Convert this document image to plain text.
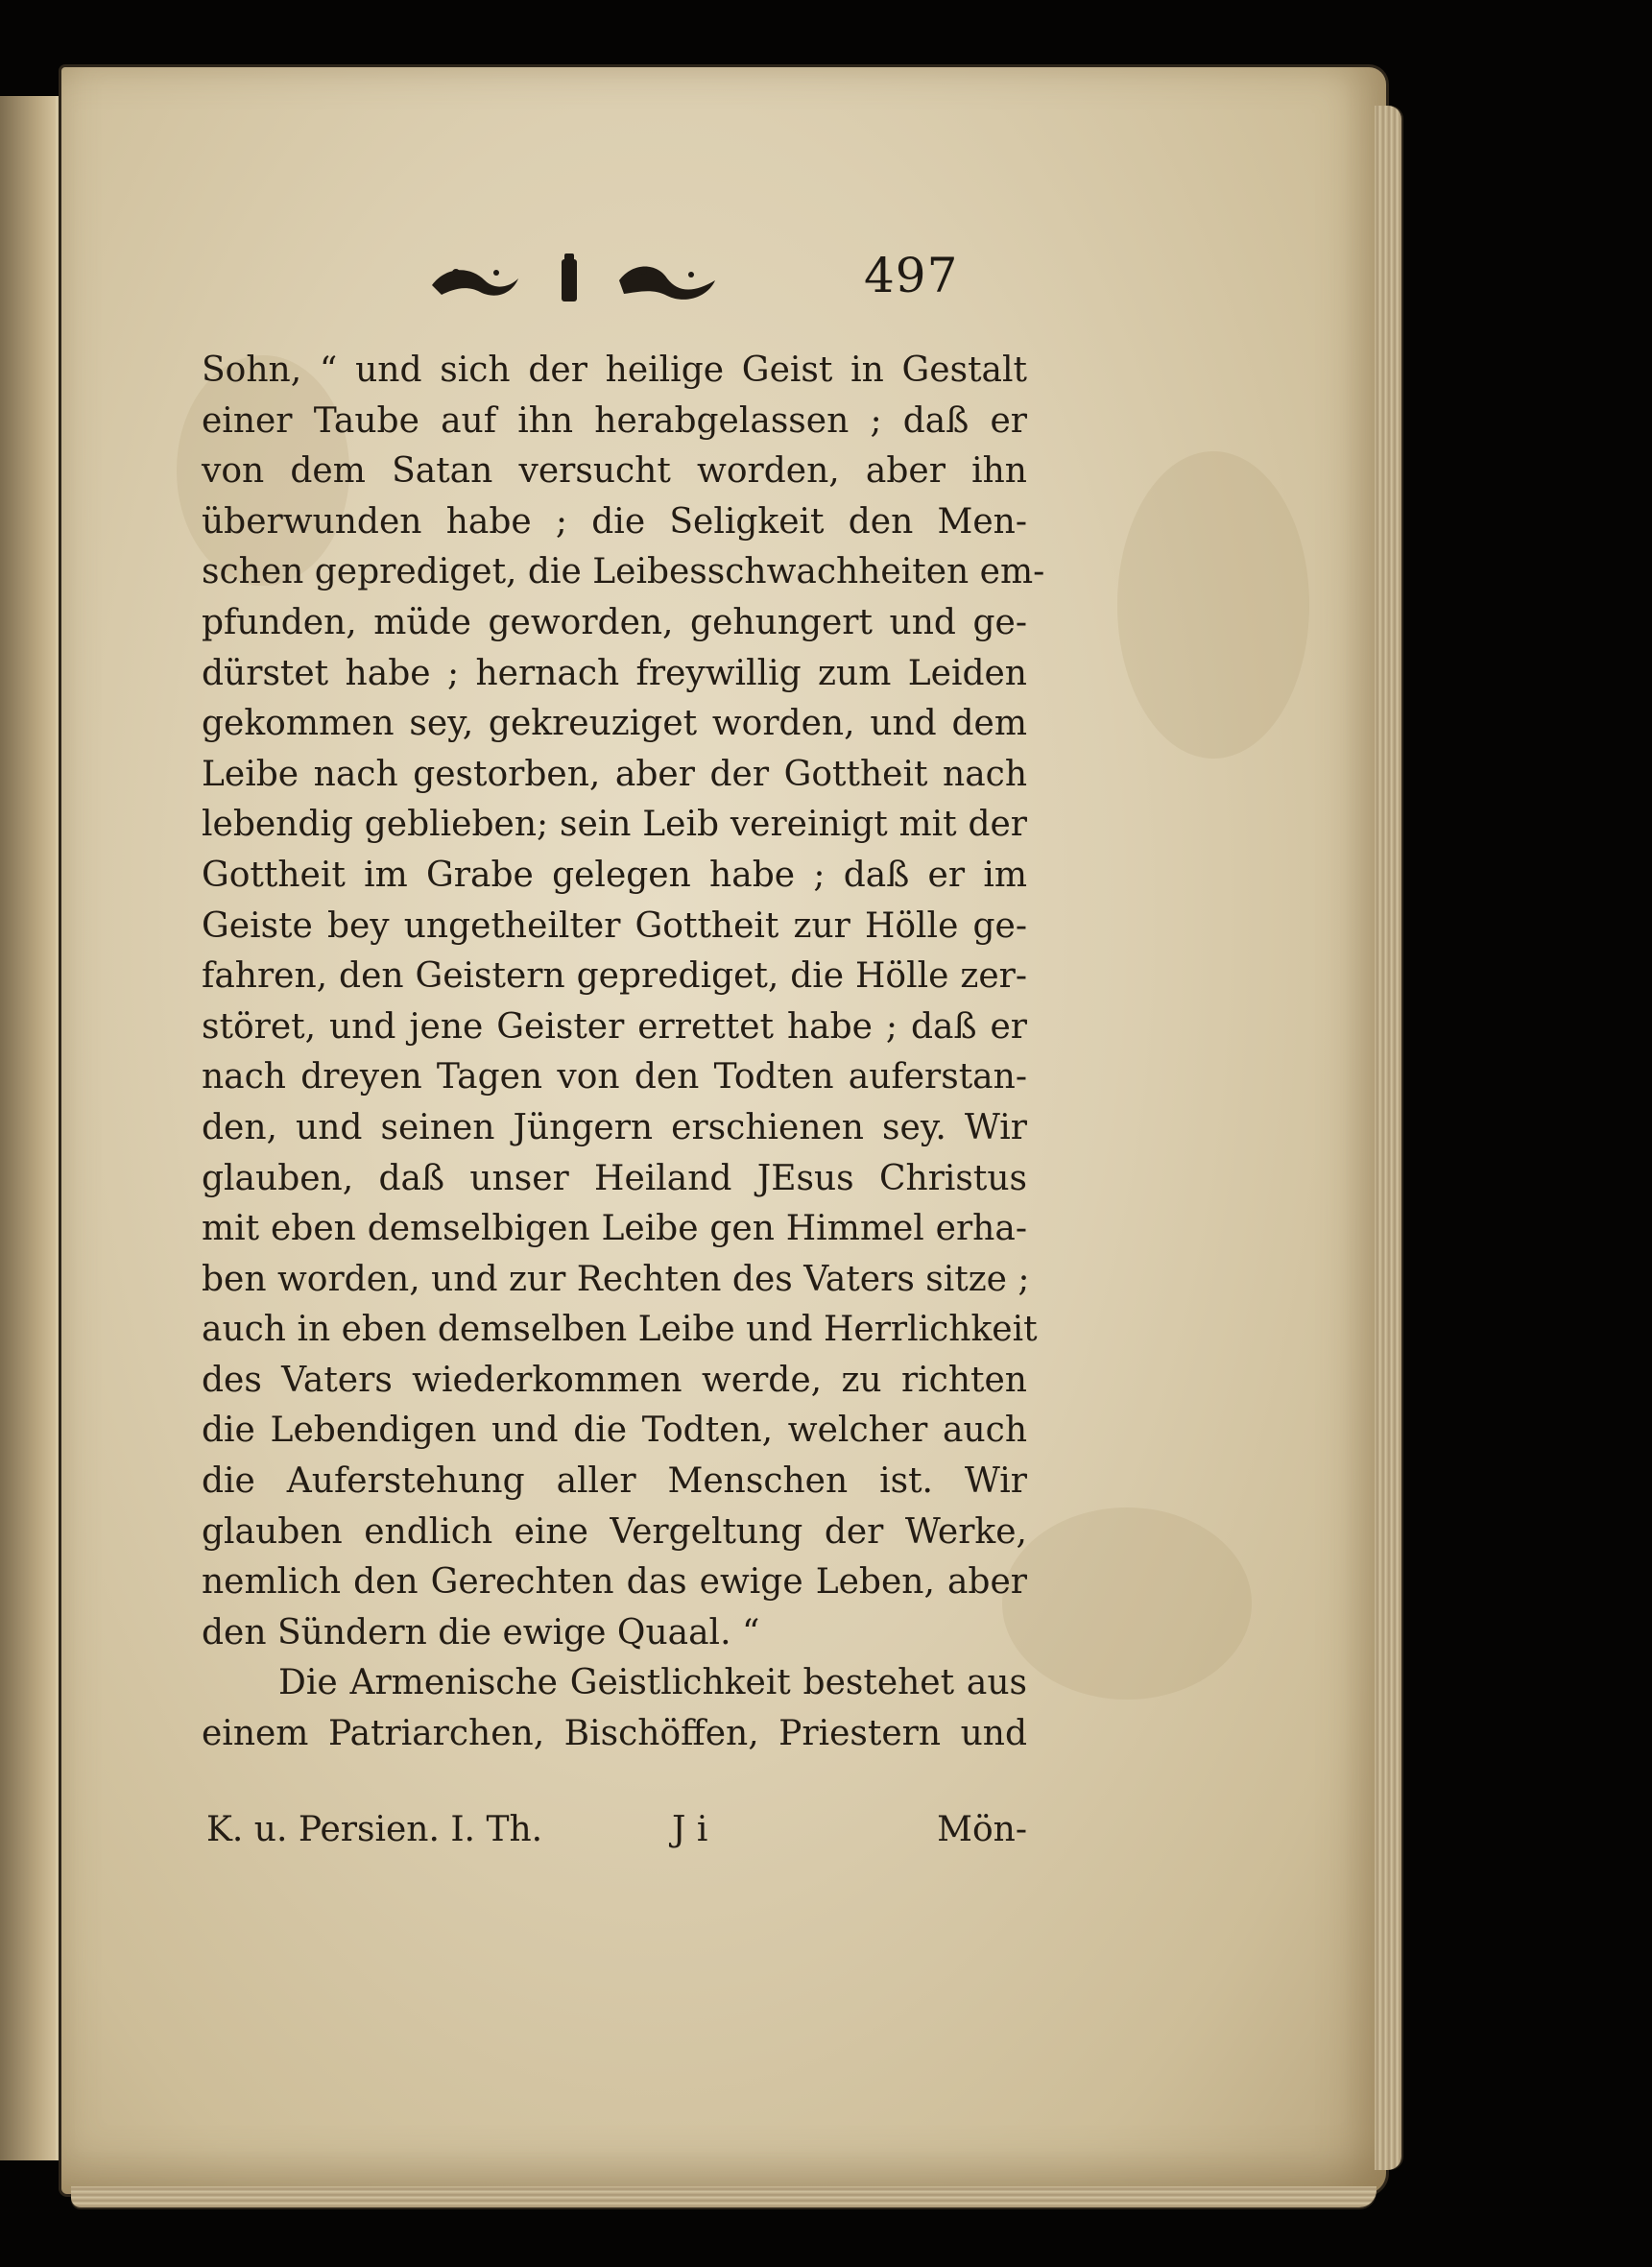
497
Sohn, “ und sich der heilige Geist in Gestalt
einer Taube auf ihn herabgelassen ; daß er
von dem Satan versucht worden, aber ihn
überwunden habe ; die Seligkeit den Men-
schen geprediget, die Leibesschwachheiten em-
pfunden, müde geworden, gehungert und ge-
dürstet habe ; hernach freywillig zum Leiden
gekommen sey, gekreuziget worden, und dem
Leibe nach gestorben, aber der Gottheit nach
lebendig geblieben; sein Leib vereinigt mit der
Gottheit im Grabe gelegen habe ; daß er im
Geiste bey ungetheilter Gottheit zur Hölle ge-
fahren, den Geistern geprediget, die Hölle zer-
störet, und jene Geister errettet habe ; daß er
nach dreyen Tagen von den Todten auferstan-
den, und seinen Jüngern erschienen sey. Wir
glauben, daß unser Heiland JEsus Christus
mit eben demselbigen Leibe gen Himmel erha-
ben worden, und zur Rechten des Vaters sitze ;
auch in eben demselben Leibe und Herrlichkeit
des Vaters wiederkommen werde, zu richten
die Lebendigen und die Todten, welcher auch
die Auferstehung aller Menschen ist. Wir
glauben endlich eine Vergeltung der Werke,
nemlich den Gerechten das ewige Leben, aber
den Sündern die ewige Quaal. “
Die Armenische Geistlichkeit bestehet aus
einem Patriarchen, Bischöffen, Priestern und
K. u. Persien. I. Th.	J i	Mön-
